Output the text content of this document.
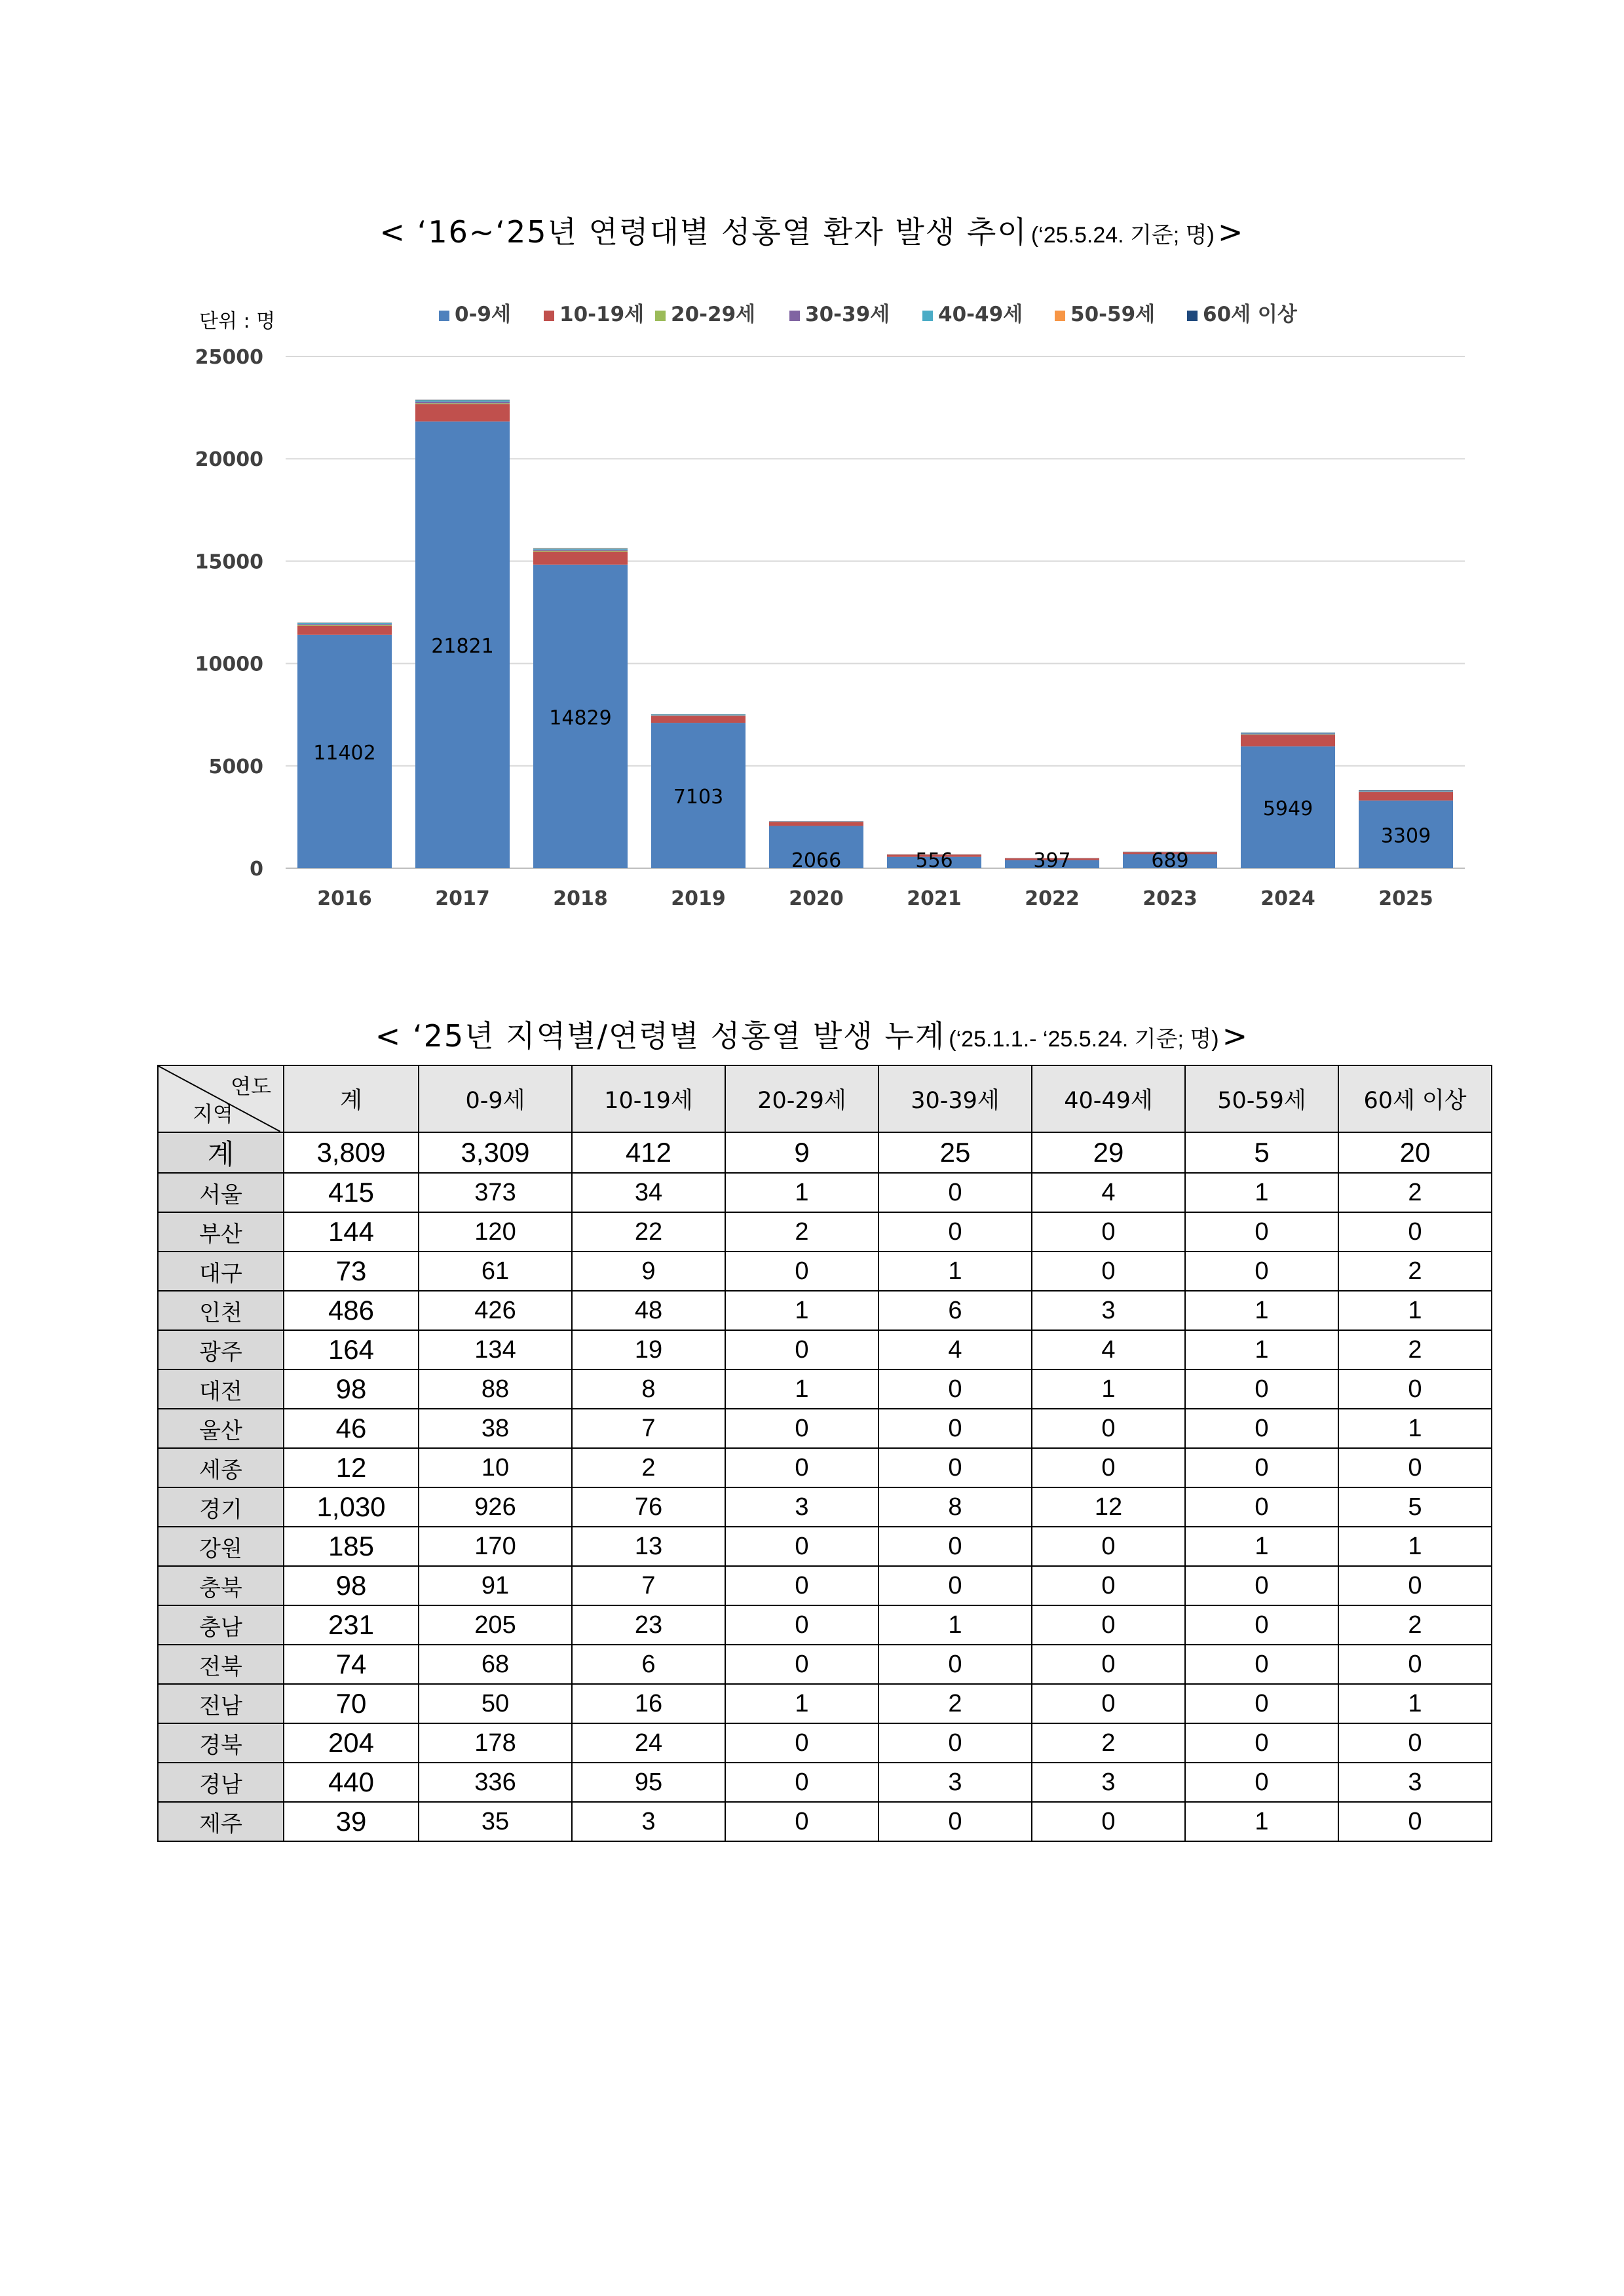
< ‘16~‘25년 연령대별 성홍열 환자 발생 추이 (‘25.5.24. 기준; 명) >
단위 : 명
0
5000
10000
15000
20000
25000
0-9세 10-19세 20-29세 30-39세 40-49세 50-59세 60세 이상
11402
2016
21821
2017
14829
2018
7103
2019
2066
2020
556
2021
397
2022
689
2023
5949
2024
3309
2025
< ‘25년 지역별/연령별 성홍열 발생 누계 (‘25.1.1.- ‘25.5.24. 기준; 명) >
연도
지역	계	0-9세	10-19세	20-29세	30-39세	40-49세	50-59세	60세 이상
계	3,809	3,309	412	9	25	29	5	20
서울	415	373	34	1	0	4	1	2
부산	144	120	22	2	0	0	0	0
대구	73	61	9	0	1	0	0	2
인천	486	426	48	1	6	3	1	1
광주	164	134	19	0	4	4	1	2
대전	98	88	8	1	0	1	0	0
울산	46	38	7	0	0	0	0	1
세종	12	10	2	0	0	0	0	0
경기	1,030	926	76	3	8	12	0	5
강원	185	170	13	0	0	0	1	1
충북	98	91	7	0	0	0	0	0
충남	231	205	23	0	1	0	0	2
전북	74	68	6	0	0	0	0	0
전남	70	50	16	1	2	0	0	1
경북	204	178	24	0	0	2	0	0
경남	440	336	95	0	3	3	0	3
제주	39	35	3	0	0	0	1	0
